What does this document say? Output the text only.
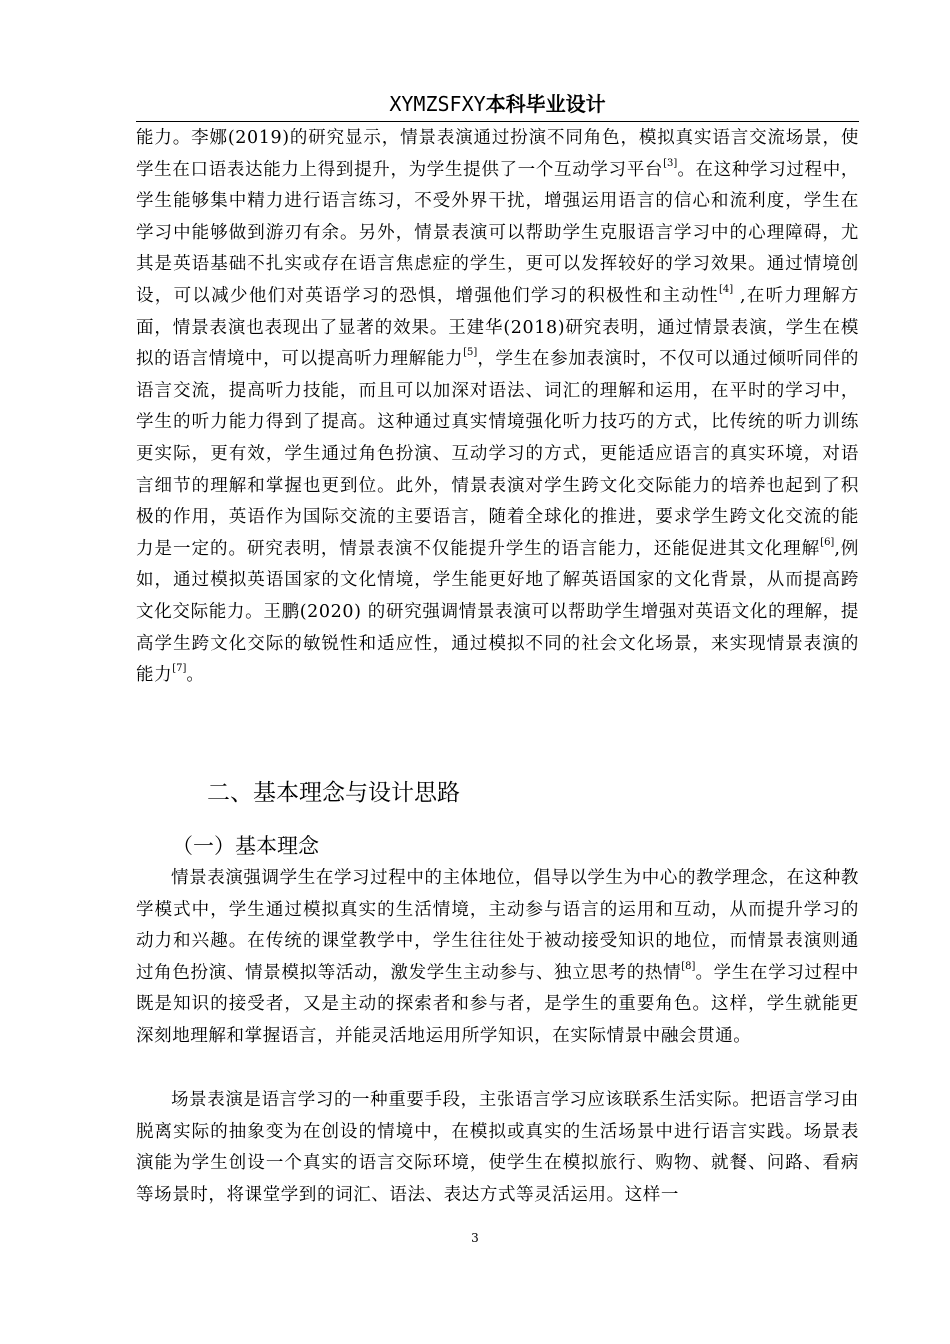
XYMZSFXY本科毕业设计
能力。李娜(2019)的研究显示，情景表演通过扮演不同角色，模拟真实语言交流场景，使学生在口语表达能力上得到提升，为学生提供了一个互动学习平台[3]。在这种学习过程中，学生能够集中精力进行语言练习，不受外界干扰，增强运用语言的信心和流利度，学生在学习中能够做到游刃有余。另外，情景表演可以帮助学生克服语言学习中的心理障碍，尤其是英语基础不扎实或存在语言焦虑症的学生，更可以发挥较好的学习效果。通过情境创设，可以减少他们对英语学习的恐惧，增强他们学习的积极性和主动性[4] ,在听力理解方面，情景表演也表现出了显著的效果。王建华(2018)研究表明，通过情景表演，学生在模拟的语言情境中，可以提高听力理解能力[5]，学生在参加表演时，不仅可以通过倾听同伴的语言交流，提高听力技能，而且可以加深对语法、词汇的理解和运用，在平时的学习中，学生的听力能力得到了提高。这种通过真实情境强化听力技巧的方式，比传统的听力训练更实际，更有效，学生通过角色扮演、互动学习的方式，更能适应语言的真实环境，对语言细节的理解和掌握也更到位。此外，情景表演对学生跨文化交际能力的培养也起到了积极的作用，英语作为国际交流的主要语言，随着全球化的推进，要求学生跨文化交流的能力是一定的。研究表明，情景表演不仅能提升学生的语言能力，还能促进其文化理解[6],例如，通过模拟英语国家的文化情境，学生能更好地了解英语国家的文化背景，从而提高跨文化交际能力。王鹏(2020) 的研究强调情景表演可以帮助学生增强对英语文化的理解，提高学生跨文化交际的敏锐性和适应性，通过模拟不同的社会文化场景，来实现情景表演的能力[7]。
二、基本理念与设计思路
（一）基本理念
情景表演强调学生在学习过程中的主体地位，倡导以学生为中心的教学理念，在这种教学模式中，学生通过模拟真实的生活情境，主动参与语言的运用和互动，从而提升学习的动力和兴趣。在传统的课堂教学中，学生往往处于被动接受知识的地位，而情景表演则通过角色扮演、情景模拟等活动，激发学生主动参与、独立思考的热情[8]。学生在学习过程中既是知识的接受者，又是主动的探索者和参与者，是学生的重要角色。这样，学生就能更深刻地理解和掌握语言，并能灵活地运用所学知识，在实际情景中融会贯通。
场景表演是语言学习的一种重要手段，主张语言学习应该联系生活实际。把语言学习由脱离实际的抽象变为在创设的情境中，在模拟或真实的生活场景中进行语言实践。场景表演能为学生创设一个真实的语言交际环境，使学生在模拟旅行、购物、就餐、问路、看病等场景时，将课堂学到的词汇、语法、表达方式等灵活运用。这样一
3
